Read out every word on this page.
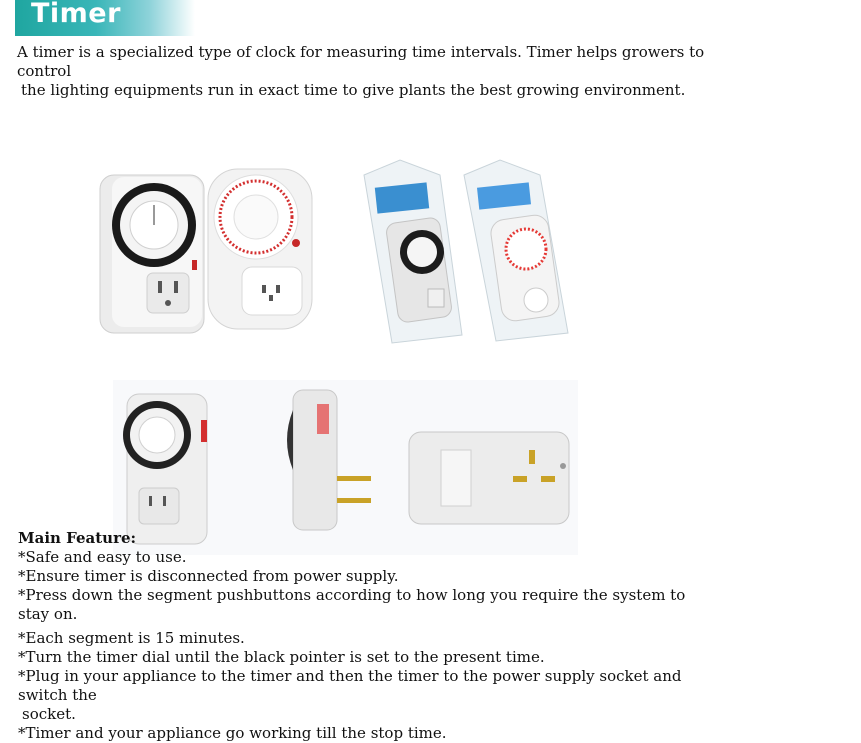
Timer

A timer is a specialized type of clock for measuring time intervals. Timer helps growers to control
the lighting equipments run in exact time to give plants the best growing environment.

Main Feature:
*Safe and easy to use.
*Ensure timer is disconnected from power supply.
*Press down the segment pushbuttons according to how long you require the system to stay on.
*Each segment is 15 minutes.
*Turn the timer dial until the black pointer is set to the present time.
*Plug in your appliance to the timer and then the timer to the power supply socket and switch the
socket.
*Timer and your appliance go working till the stop time.
